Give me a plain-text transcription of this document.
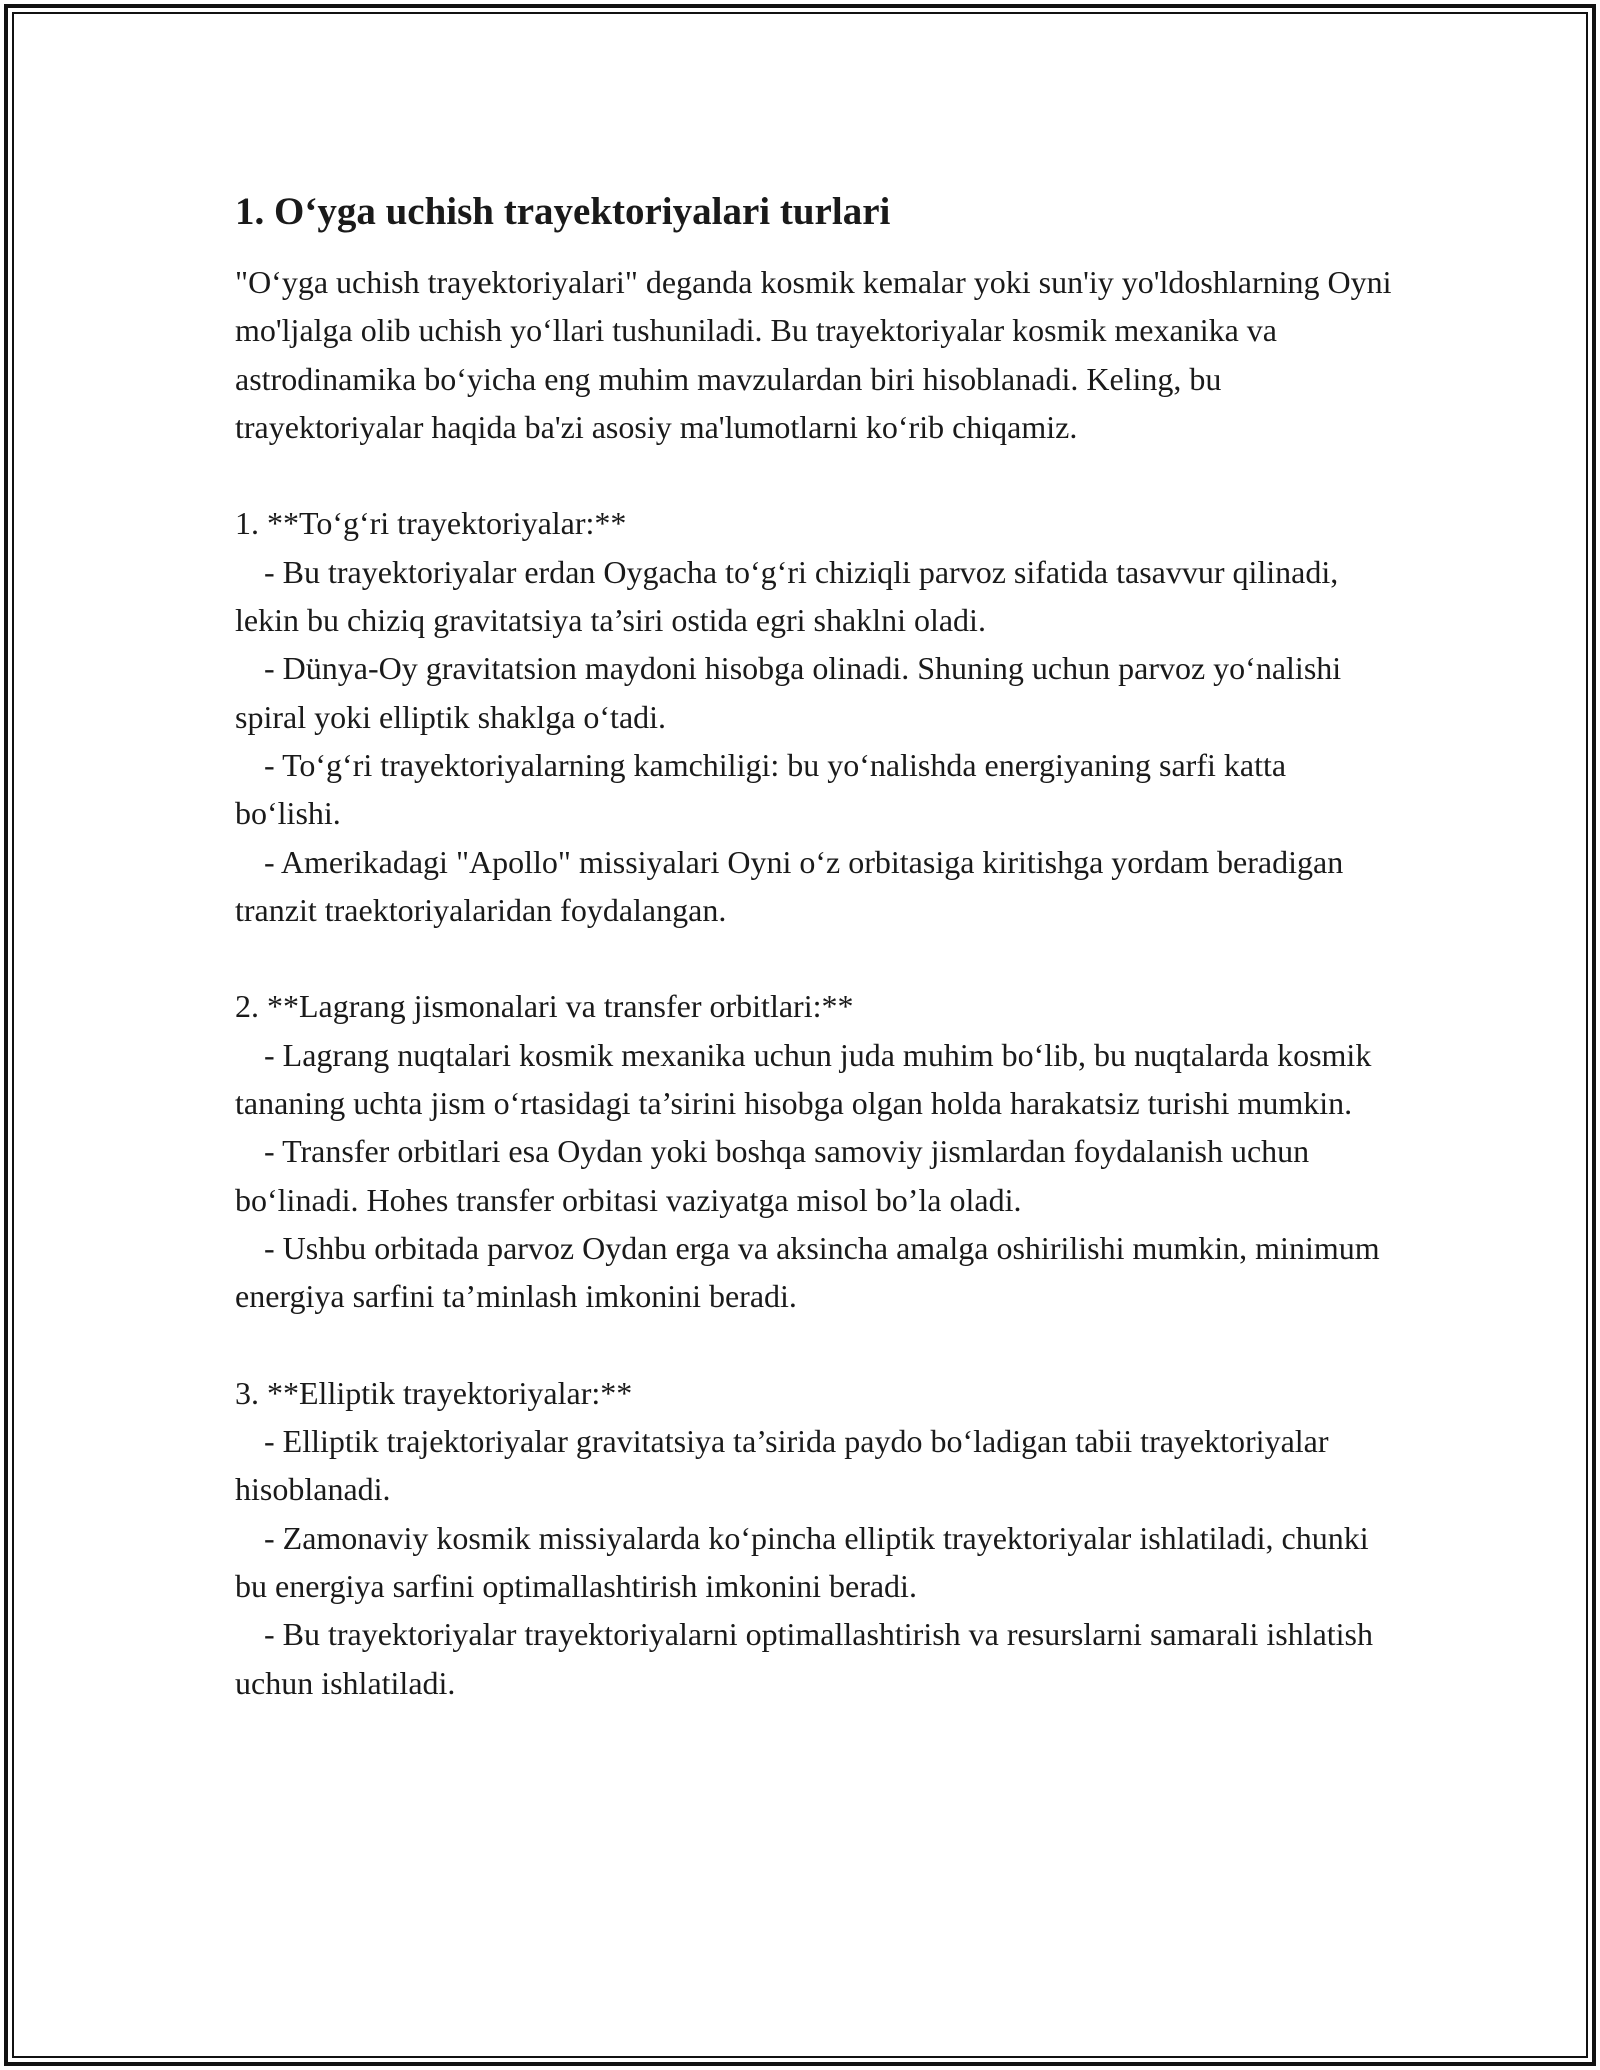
1. O‘yga uchish trayektoriyalari turlari

"O‘yga uchish trayektoriyalari" deganda kosmik kemalar yoki sun'iy yo'ldoshlarning Oyni mo'ljalga olib uchish yo‘llari tushuniladi. Bu trayektoriyalar kosmik mexanika va astrodinamika bo‘yicha eng muhim mavzulardan biri hisoblanadi. Keling, bu trayektoriyalar haqida ba'zi asosiy ma'lumotlarni ko‘rib chiqamiz.

1. **To‘g‘ri trayektoriyalar:**

- Bu trayektoriyalar erdan Oygacha to‘g‘ri chiziqli parvoz sifatida tasavvur qilinadi, lekin bu chiziq gravitatsiya ta’siri ostida egri shaklni oladi.

- Dünya-Oy gravitatsion maydoni hisobga olinadi. Shuning uchun parvoz yo‘nalishi spiral yoki elliptik shaklga o‘tadi.

- To‘g‘ri trayektoriyalarning kamchiligi: bu yo‘nalishda energiyaning sarfi katta bo‘lishi.

- Amerikadagi "Apollo" missiyalari Oyni o‘z orbitasiga kiritishga yordam beradigan tranzit traektoriyalaridan foydalangan.

2. **Lagrang jismonalari va transfer orbitlari:**

- Lagrang nuqtalari kosmik mexanika uchun juda muhim bo‘lib, bu nuqtalarda kosmik tananing uchta jism o‘rtasidagi ta’sirini hisobga olgan holda harakatsiz turishi mumkin.

- Transfer orbitlari esa Oydan yoki boshqa samoviy jismlardan foydalanish uchun bo‘linadi. Hohes transfer orbitasi vaziyatga misol bo’la oladi.

- Ushbu orbitada parvoz Oydan erga va aksincha amalga oshirilishi mumkin, minimum energiya sarfini ta’minlash imkonini beradi.

3. **Elliptik trayektoriyalar:**

- Elliptik trajektoriyalar gravitatsiya ta’sirida paydo bo‘ladigan tabii trayektoriyalar hisoblanadi.

- Zamonaviy kosmik missiyalarda ko‘pincha elliptik trayektoriyalar ishlatiladi, chunki bu energiya sarfini optimallashtirish imkonini beradi.

- Bu trayektoriyalar trayektoriyalarni optimallashtirish va resurslarni samarali ishlatish uchun ishlatiladi.
